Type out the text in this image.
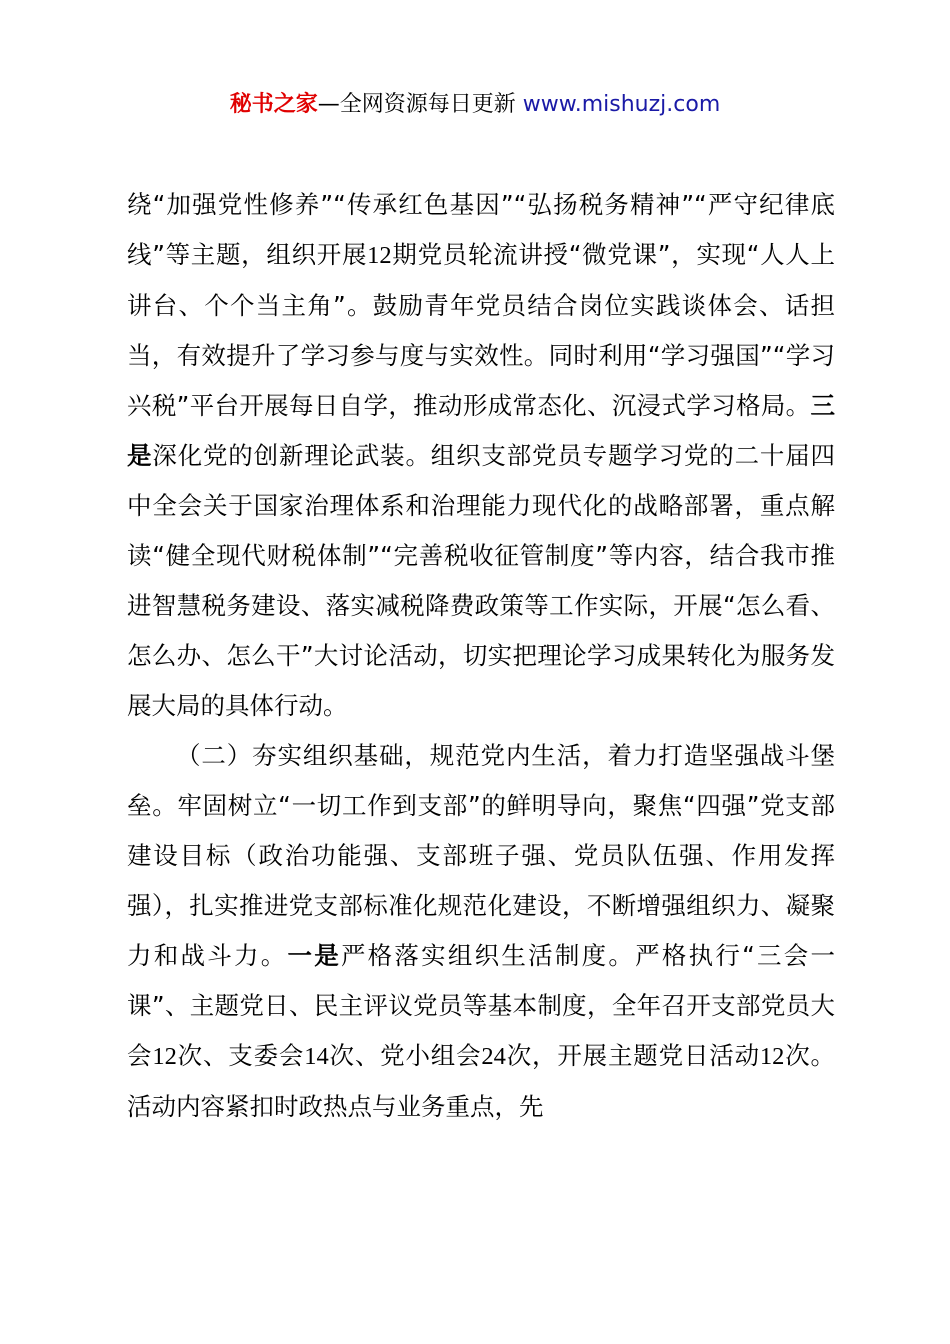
秘书之家—全网资源每日更新 www.mishuzj.com

绕“加强党性修养”“传承红色基因”“弘扬税务精神”“严守纪律底线”等主题，组织开展12期党员轮流讲授“微党课”，实现“人人上讲台、个个当主角”。鼓励青年党员结合岗位实践谈体会、话担当，有效提升了学习参与度与实效性。同时利用“学习强国”“学习兴税”平台开展每日自学，推动形成常态化、沉浸式学习格局。三是深化党的创新理论武装。组织支部党员专题学习党的二十届四中全会关于国家治理体系和治理能力现代化的战略部署，重点解读“健全现代财税体制”“完善税收征管制度”等内容，结合我市推进智慧税务建设、落实减税降费政策等工作实际，开展“怎么看、怎么办、怎么干”大讨论活动，切实把理论学习成果转化为服务发展大局的具体行动。

（二）夯实组织基础，规范党内生活，着力打造坚强战斗堡垒。牢固树立“一切工作到支部”的鲜明导向，聚焦“四强”党支部建设目标（政治功能强、支部班子强、党员队伍强、作用发挥强），扎实推进党支部标准化规范化建设，不断增强组织力、凝聚力和战斗力。一是严格落实组织生活制度。严格执行“三会一课”、主题党日、民主评议党员等基本制度，全年召开支部党员大会12次、支委会14次、党小组会24次，开展主题党日活动12次。活动内容紧扣时政热点与业务重点，先
